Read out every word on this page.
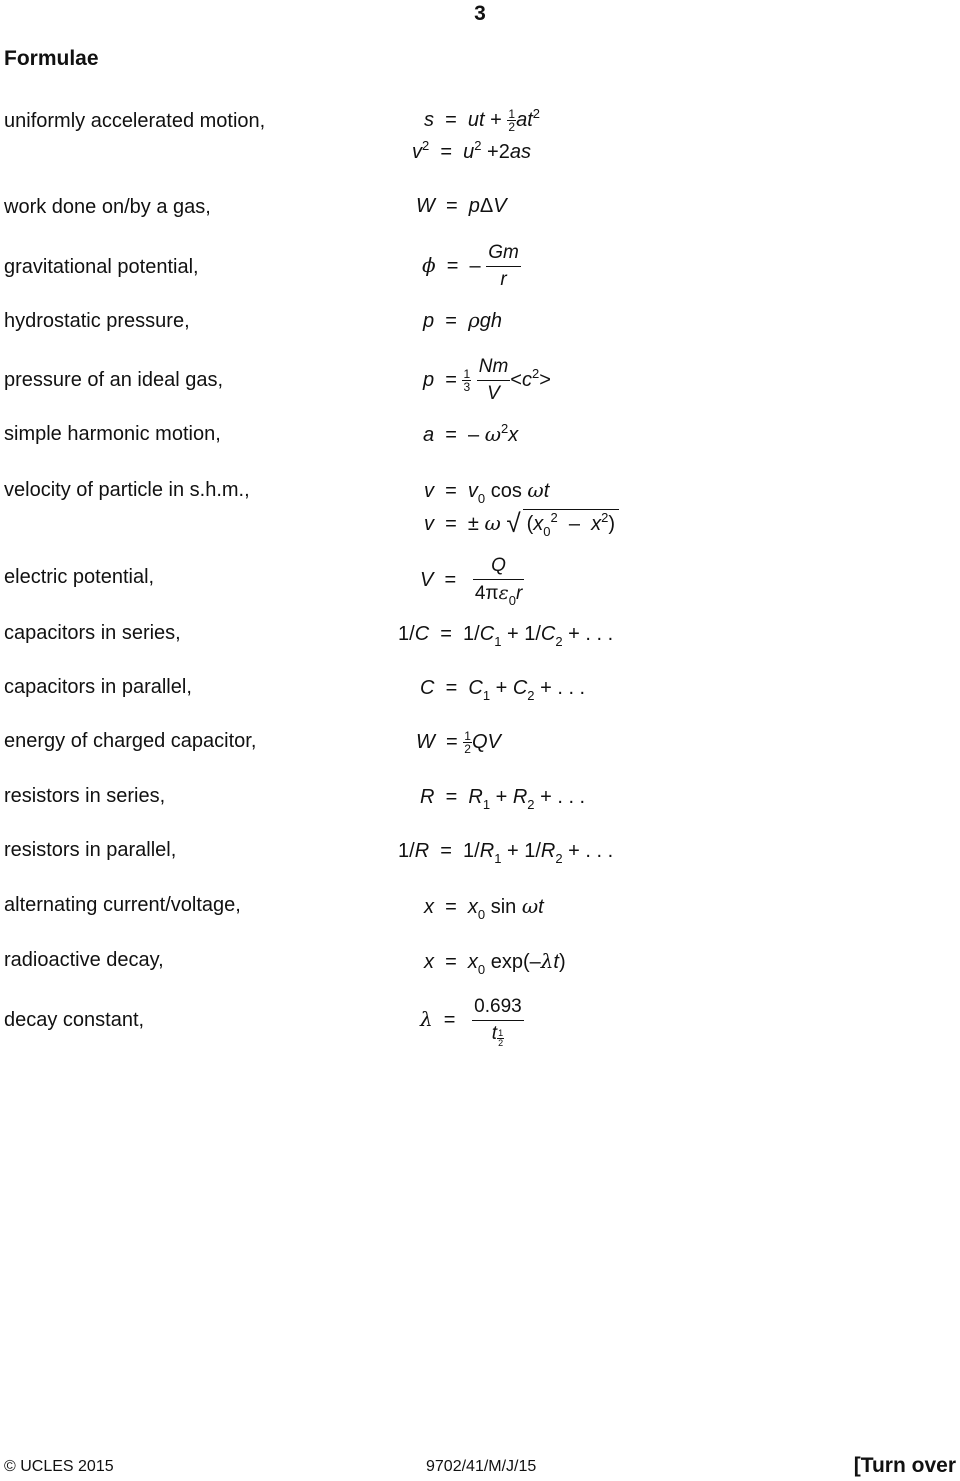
3
Formulae
uniformly accelerated motion,
work done on/by a gas,
gravitational potential,
hydrostatic pressure,
pressure of an ideal gas,
simple harmonic motion,
velocity of particle in s.h.m.,
electric potential,
capacitors in series,
capacitors in parallel,
energy of charged capacitor,
resistors in series,
resistors in parallel,
alternating current/voltage,
radioactive decay,
decay constant,
s  =  ut + $\frac{1}{2} at^2$
$v^2 = u^2 +2as$
W  =  pΔV
ϕ  =  – $\frac{Gm}{r}$
p  =  ρgh
$p = \frac{1}{3}$
$\frac{Nm}{V} <c^2>$
a  =  – $\omega^2x$
$v = v_0$ cos ωt
v  =  ± ω √ $(x_0^2 - x^2)$
$V = \frac{Q}{4\pi\varepsilon_0r}$
$1/C = 1/C_1 + 1/C_2$ + . . .
$C = C_1 + C_2$ + . . .
$W = \frac{1}{2}$ QV
$R = R_1 + R_2$ + . . .
$1/R = 1/R_1 + 1/R_2$ + . . .
$x = x_0$ sin ωt
$x = x_0$ exp(–λt)
$\lambda = \frac{0.693}{t \frac{1}{2}}$
© UCLES 2015	9702/41/M/J/15	[Turn over
